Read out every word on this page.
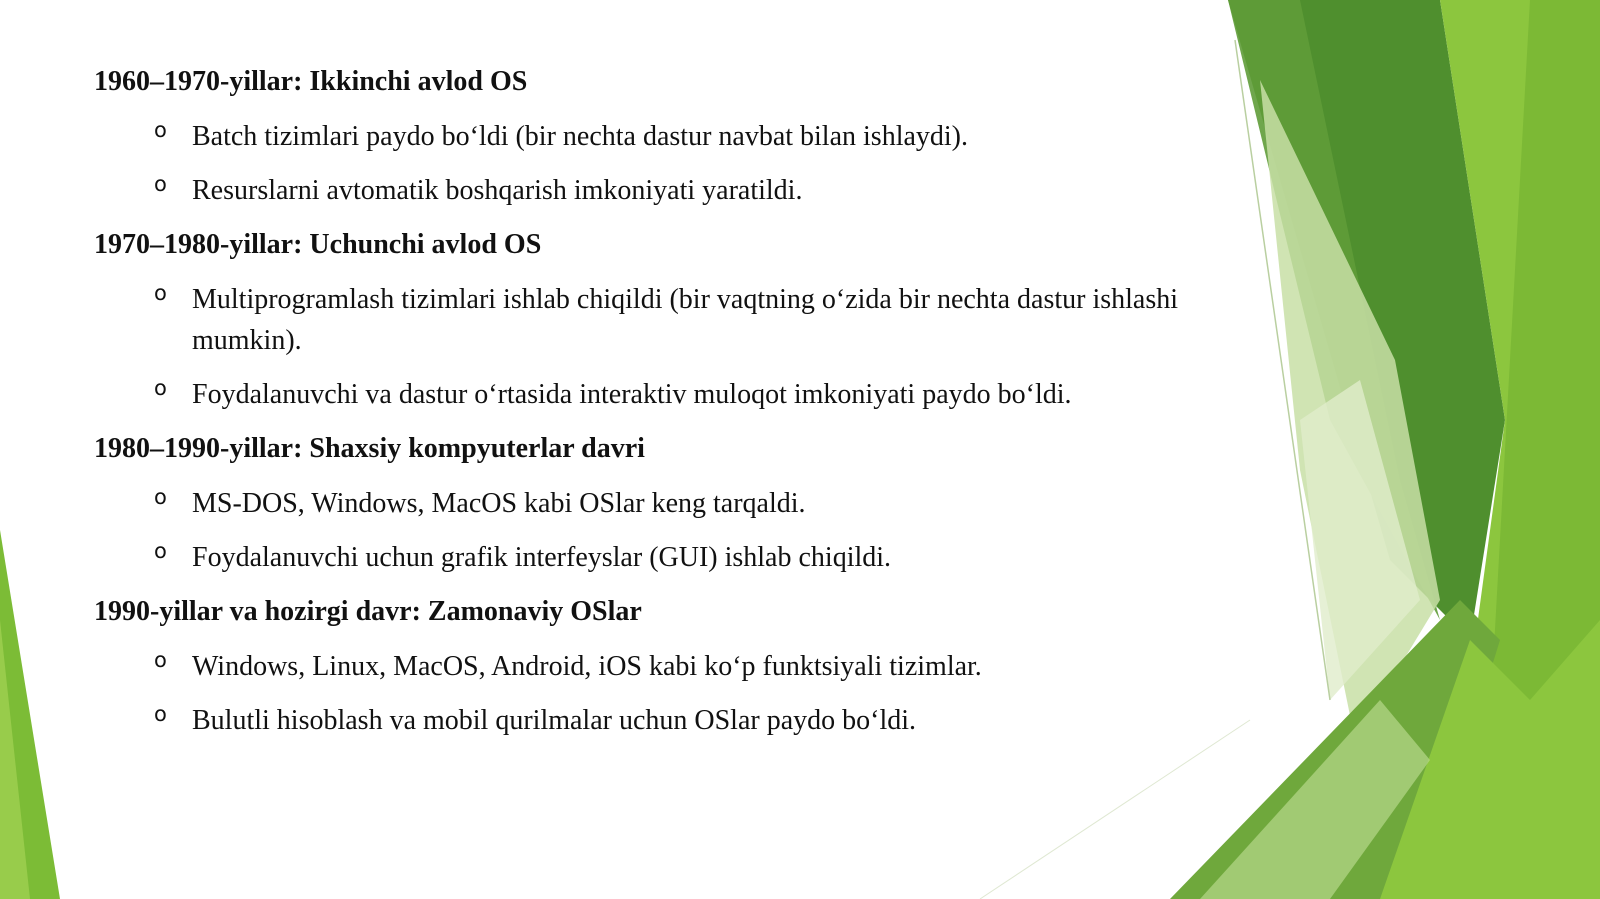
1960–1970-yillar: Ikkinchi avlod OS
o Batch tizimlari paydo bo‘ldi (bir nechta dastur navbat bilan ishlaydi).
o Resurslarni avtomatik boshqarish imkoniyati yaratildi.
1970–1980-yillar: Uchunchi avlod OS
o Multiprogramlash tizimlari ishlab chiqildi (bir vaqtning o‘zida bir nechta dastur ishlashi mumkin).
o Foydalanuvchi va dastur o‘rtasida interaktiv muloqot imkoniyati paydo bo‘ldi.
1980–1990-yillar: Shaxsiy kompyuterlar davri
o MS-DOS, Windows, MacOS kabi OSlar keng tarqaldi.
o Foydalanuvchi uchun grafik interfeyslar (GUI) ishlab chiqildi.
1990-yillar va hozirgi davr: Zamonaviy OSlar
o Windows, Linux, MacOS, Android, iOS kabi ko‘p funktsiyali tizimlar.
o Bulutli hisoblash va mobil qurilmalar uchun OSlar paydo bo‘ldi.
